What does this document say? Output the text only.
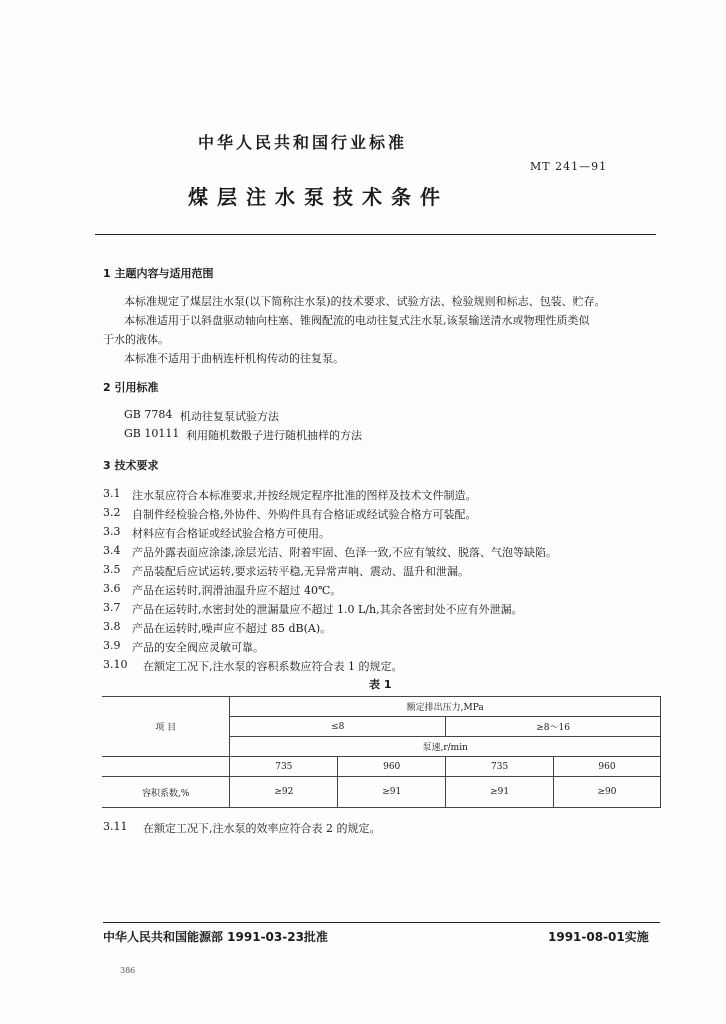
中华人民共和国行业标准
MT 241—91
煤层注水泵技术条件
1 主题内容与适用范围
本标准规定了煤层注水泵(以下简称注水泵)的技术要求、试验方法、检验规则和标志、包装、贮存。
本标准适用于以斜盘驱动轴向柱塞、锥阀配流的电动往复式注水泵,该泵输送清水或物理性质类似
于水的液体。
本标准不适用于曲柄连杆机构传动的往复泵。
2 引用标准
GB 7784 机动往复泵试验方法
GB 10111 利用随机数骰子进行随机抽样的方法
3 技术要求
3.1 注水泵应符合本标准要求,并按经规定程序批准的图样及技术文件制造。
3.2 自制件经检验合格,外协件、外购件具有合格证或经试验合格方可装配。
3.3 材料应有合格证或经试验合格方可使用。
3.4 产品外露表面应涂漆,涂层光洁、附着牢固、色泽一致,不应有皱纹、脱落、气泡等缺陷。
3.5 产品装配后应试运转,要求运转平稳,无异常声响、震动、温升和泄漏。
3.6 产品在运转时,润滑油温升应不超过 40℃。
3.7 产品在运转时,水密封处的泄漏量应不超过 1.0 L/h,其余各密封处不应有外泄漏。
3.8 产品在运转时,噪声应不超过 85 dB(A)。
3.9 产品的安全阀应灵敏可靠。
3.10 在额定工况下,注水泵的容积系数应符合表 1 的规定。
表 1
项 目	额定排出压力,MPa			
	≤8		≥8～16	
	泵速,r/min			
	735	960	735	960
容积系数,%	≥92	≥91	≥91	≥90
3.11 在额定工况下,注水泵的效率应符合表 2 的规定。
中华人民共和国能源部 1991-03-23批准	1991-08-01实施
386
